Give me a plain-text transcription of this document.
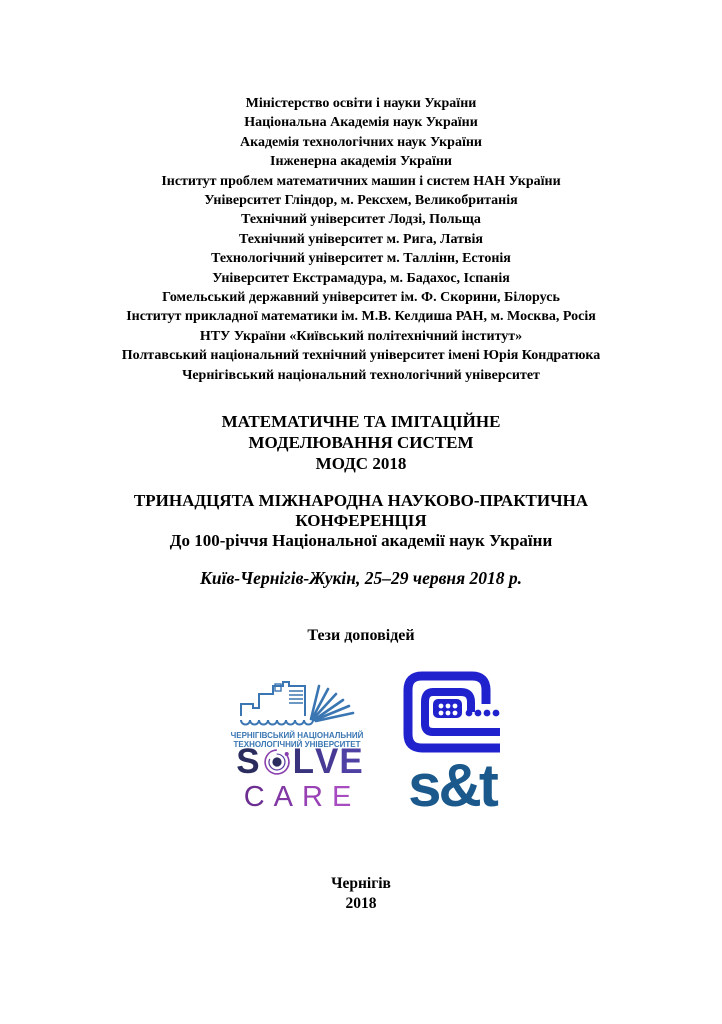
Міністерство освіти і науки України
Національна Академія наук України
Академія технологічних наук України
Інженерна академія України
Інститут проблем математичних машин і систем НАН України
Університет Гліндор, м. Рексхем, Великобританія
Технічний університет Лодзі, Польща
Технічний університет м. Рига, Латвія
Технологічний університет м. Таллінн, Естонія
Університет Екстрамадура, м. Бадахос, Іспанія
Гомельський державний університет ім. Ф. Скорини, Білорусь
Інститут прикладної математики ім. М.В. Келдиша РАН, м. Москва, Росія
НТУ України «Київський політехнічний інститут»
Полтавський національний технічний університет імені Юрія Кондратюка
Чернігівський національний технологічний університет
МАТЕМАТИЧНЕ ТА ІМІТАЦІЙНЕ
МОДЕЛЮВАННЯ СИСТЕМ
МОДС 2018
ТРИНАДЦЯТА МІЖНАРОДНА НАУКОВО-ПРАКТИЧНА
КОНФЕРЕНЦІЯ
До 100-річчя Національної академії наук України
Київ-Чернігів-Жукін, 25–29 червня 2018 р.
Тези доповідей
ЧЕРНІГІВСЬКИЙ НАЦІОНАЛЬНИЙ
ТЕХНОЛОГІЧНИЙ УНІВЕРСИТЕТ
S L V E
CARE s&t
Чернігів
2018
